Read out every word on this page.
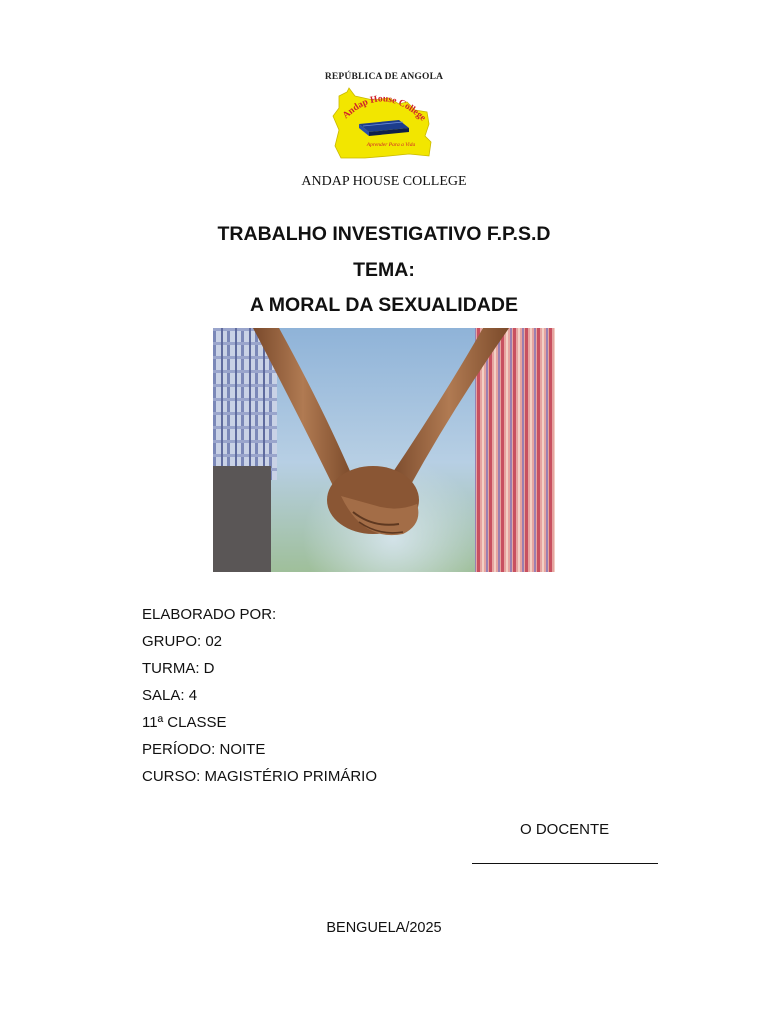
REPÚBLICA DE ANGOLA
Andap House College
Aprender Para a Vida
ANDAP HOUSE COLLEGE
TRABALHO INVESTIGATIVO F.P.S.D
TEMA:
A MORAL DA SEXUALIDADE
ELABORADO POR:
GRUPO: 02
TURMA: D
SALA: 4
11ª CLASSE
PERÍODO: NOITE
CURSO: MAGISTÉRIO PRIMÁRIO
O DOCENTE
BENGUELA/2025
